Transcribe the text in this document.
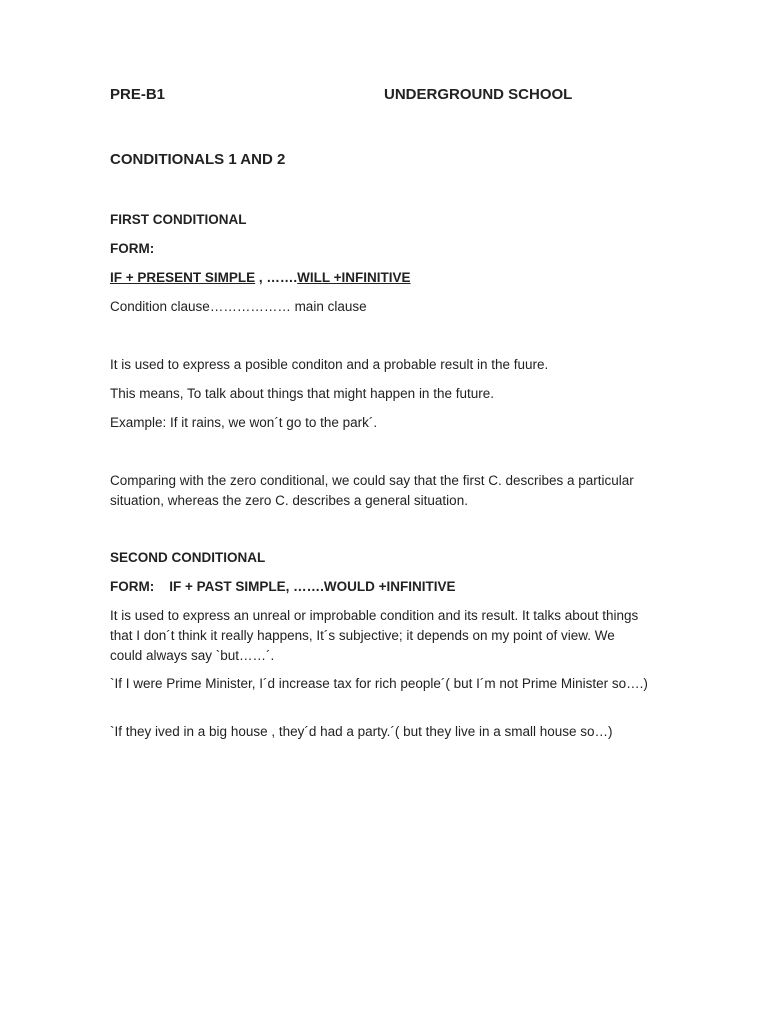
PRE-B1	UNDERGROUND SCHOOL
CONDITIONALS 1 AND 2
FIRST CONDITIONAL
FORM:
IF + PRESENT SIMPLE , …….WILL +INFINITIVE
Condition clause……………… main clause
It is used to express a posible conditon and a probable result in the fuure.
This means, To talk about things that might happen in the future.
Example: If it rains, we won´t go to the park´.
Comparing with the zero conditional, we could say that the first C. describes a particular situation, whereas the zero C. describes a general situation.
SECOND CONDITIONAL
FORM:    IF + PAST SIMPLE, …….WOULD +INFINITIVE
It is used to express an unreal or improbable condition and its result. It talks about things that I don´t think it really happens, It´s subjective; it depends on my point of view. We could always say `but……´.
`If I were Prime Minister, I´d increase tax for rich people´( but I´m not Prime Minister so….)
`If they ived in a big house , they´d had a party.´( but they live in a small house so…)
